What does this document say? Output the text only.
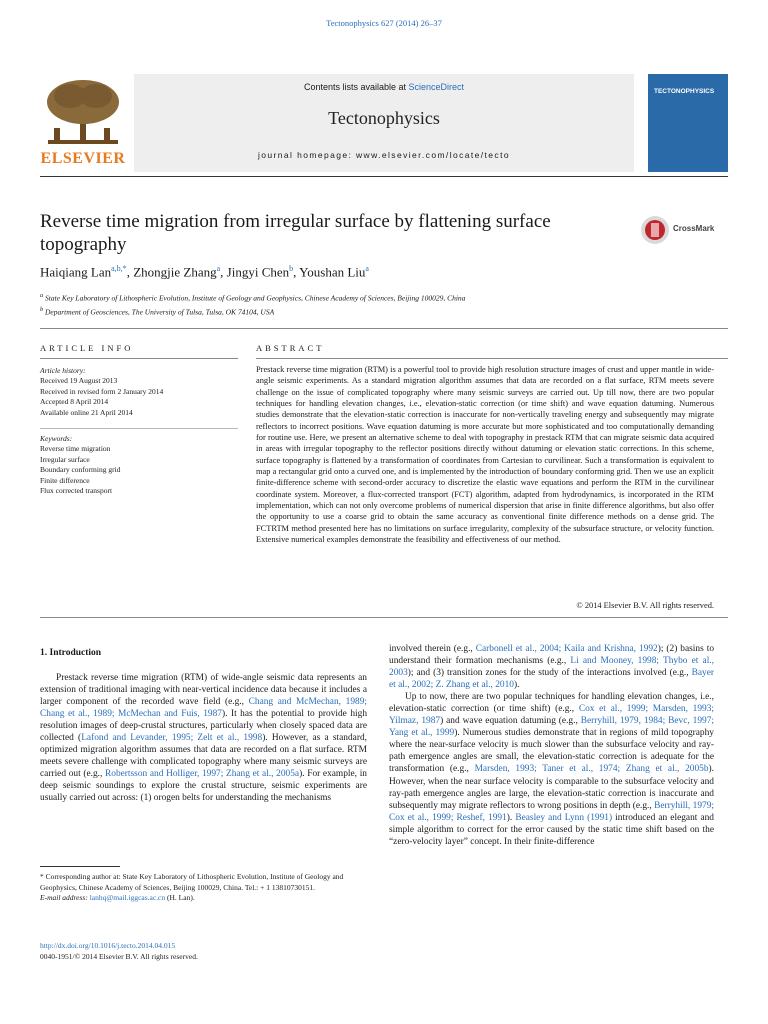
Tectonophysics 627 (2014) 26–37
ELSEVIER
Contents lists available at ScienceDirect
Tectonophysics
journal homepage: www.elsevier.com/locate/tecto
TECTONOPHYSICS
Reverse time migration from irregular surface by flattening surface topography
CrossMark
Haiqiang Lan$^{a,b,*}$, Zhongjie Zhang$^a$, Jingyi Chen$^b$, Youshan Liu$^a$
$^a$ State Key Laboratory of Lithospheric Evolution, Institute of Geology and Geophysics, Chinese Academy of Sciences, Beijing 100029, China
$^b$ Department of Geosciences, The University of Tulsa, Tulsa, OK 74104, USA
ARTICLE INFO	ABSTRACT
Article history:
Received 19 August 2013
Received in revised form 2 January 2014
Accepted 8 April 2014
Available online 21 April 2014
Keywords:
Reverse time migration
Irregular surface
Boundary conforming grid
Finite difference
Flux corrected transport
Prestack reverse time migration (RTM) is a powerful tool to provide high resolution structure images of crust and upper mantle in wide-angle seismic experiments. As a standard migration algorithm assumes that data are recorded on a flat surface, RTM meets severe challenge on the issue of complicated topography where many seismic surveys are carried out. Up till now, there are two popular techniques for handling elevation changes, i.e., elevation-static correction (or time shift) and wave equation datuming. Numerous studies demonstrate that the elevation-static correction is inaccurate for non-vertically traveling energy and subsequently may migrate reflectors to incorrect positions. Wave equation datuming is more accurate but more sophisticated and too computationally demanding for routine use. Here, we present an alternative scheme to deal with topography in prestack RTM that can migrate seismic data acquired in areas with irregular topography to the reflector positions directly without datuming or elevation static corrections. In this scheme, surface topography is flattened by a transformation of coordinates from Cartesian to curvilinear. Such a transformation is equivalent to map a rectangular grid onto a curved one, and is implemented by the introduction of boundary conforming grid. Then we use an explicit finite-difference scheme with second-order accuracy to discretize the elastic wave equations and perform the RTM in the curvilinear coordinate system. Moreover, a flux-corrected transport (FCT) algorithm, adapted from hydrodynamics, is incorporated in the RTM implementation, which can not only overcome problems of numerical dispersion that arise in finite difference algorithms, but also offer the opportunity to use a coarse grid to obtain the same accuracy as conventional finite difference methods on a dense grid. The FCTRTM method presented here has no limitations on surface irregularity, complexity of the subsurface structure, or velocity function. Extensive numerical examples demonstrate the feasibility and effectiveness of our method.
© 2014 Elsevier B.V. All rights reserved.
1. Introduction

Prestack reverse time migration (RTM) of wide-angle seismic data represents an extension of traditional imaging with near-vertical incidence data because it includes a larger component of the recorded wave field (e.g., Chang and McMechan, 1989; Chang et al., 1989; McMechan and Fuis, 1987). It has the potential to provide high resolution images of deep-crustal structures, particularly when closely spaced data are collected (Lafond and Levander, 1995; Zelt et al., 1998). However, as a standard, optimized migration algorithm assumes that data are recorded on a flat surface. RTM meets severe challenge with complicated topography where many seismic surveys are carried out (e.g., Robertsson and Holliger, 1997; Zhang et al., 2005a). For example, in deep seismic soundings to explore the crustal structure, seismic experiments are usually carried out across: (1) orogen belts for understanding the mechanisms

involved therein (e.g., Carbonell et al., 2004; Kaila and Krishna, 1992); (2) basins to understand their formation mechanisms (e.g., Li and Mooney, 1998; Thybo et al., 2003); and (3) transition zones for the study of the interactions involved (e.g., Bayer et al., 2002; Z. Zhang et al., 2010).

Up to now, there are two popular techniques for handling elevation changes, i.e., elevation-static correction (or time shift) (e.g., Cox et al., 1999; Marsden, 1993; Yilmaz, 1987) and wave equation datuming (e.g., Berryhill, 1979, 1984; Bevc, 1997; Yang et al., 1999). Numerous studies demonstrate that in regions of mild topography where the near-surface velocity is much slower than the subsurface velocity and ray-path emergence angles are small, the elevation-static correction is adequate for the transformation (e.g., Marsden, 1993; Taner et al., 1974; Zhang et al., 2005b). However, when the near surface velocity is comparable to the subsurface velocity and ray-path emergence angles are large, the elevation-static correction is inaccurate and subsequently may migrate reflectors to wrong positions in depth (e.g., Berryhill, 1979; Cox et al., 1999; Reshef, 1991). Beasley and Lynn (1991) introduced an elegant and simple algorithm to correct for the error caused by the static time shift based on the “zero-velocity layer” concept. In their finite-difference

* Corresponding author at: State Key Laboratory of Lithospheric Evolution, Institute of Geology and Geophysics, Chinese Academy of Sciences, Beijing 100029, China. Tel.: + 1 13810730151.
E-mail address: lanhq@mail.iggcas.ac.cn (H. Lan).
http://dx.doi.org/10.1016/j.tecto.2014.04.015
0040-1951/© 2014 Elsevier B.V. All rights reserved.
